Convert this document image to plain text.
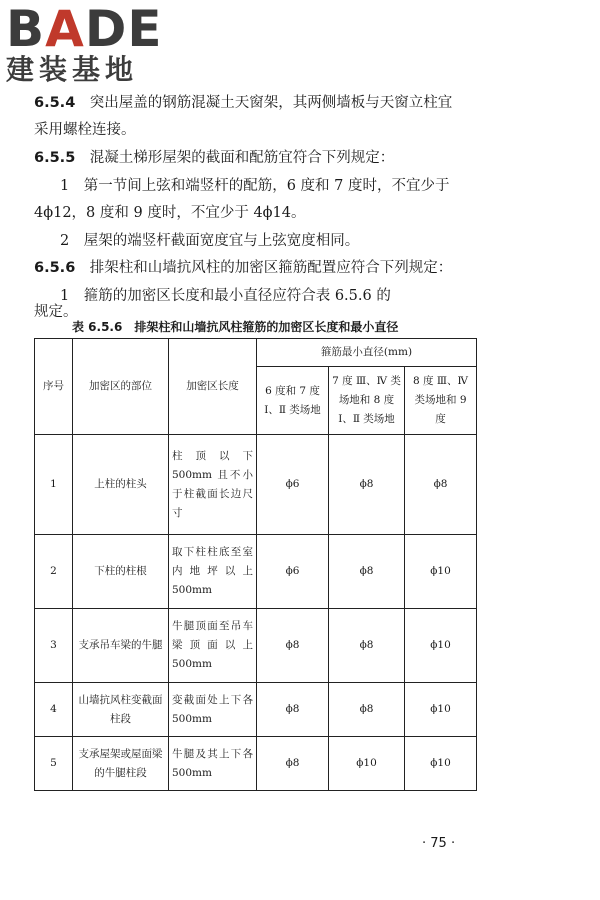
BADE
建装基地
6.5.4　 突出屋盖的钢筋混凝土天窗架，其两侧墙板与天窗立柱宜
采用螺栓连接。
6.5.5　 混凝土梯形屋架的截面和配筋宜符合下列规定：
1　第一节间上弦和端竖杆的配筋，6 度和 7 度时，不宜少于
4ϕ12，8 度和 9 度时，不宜少于 4ϕ14。
2　屋架的端竖杆截面宽度宜与上弦宽度相同。
6.5.6　 排架柱和山墙抗风柱的加密区箍筋配置应符合下列规定：
1　箍筋的加密区长度和最小直径应符合表 6.5.6 的
规定。
表 6.5.6　排架柱和山墙抗风柱箍筋的加密区长度和最小直径
序号	加密区的部位	加密区长度	箍筋最小直径(mm)		
			6 度和 7 度 Ⅰ、Ⅱ 类场地	7 度 Ⅲ、Ⅳ 类场地和 8 度 Ⅰ、Ⅱ 类场地	8 度 Ⅲ、Ⅳ 类场地和 9 度
1	上柱的柱头	柱顶以下 500mm 且不小于柱截面长边尺寸	ϕ6	ϕ8	ϕ8
2	下柱的柱根	取下柱柱底至室内地坪以上 500mm	ϕ6	ϕ8	ϕ10
3	支承吊车梁的牛腿	牛腿顶面至吊车梁顶面以上 500mm	ϕ8	ϕ8	ϕ10
4	山墙抗风柱变截面柱段	变截面处上下各 500mm	ϕ8	ϕ8	ϕ10
5	支承屋架或屋面梁的牛腿柱段	牛腿及其上下各 500mm	ϕ8	ϕ10	ϕ10
· 75 ·
